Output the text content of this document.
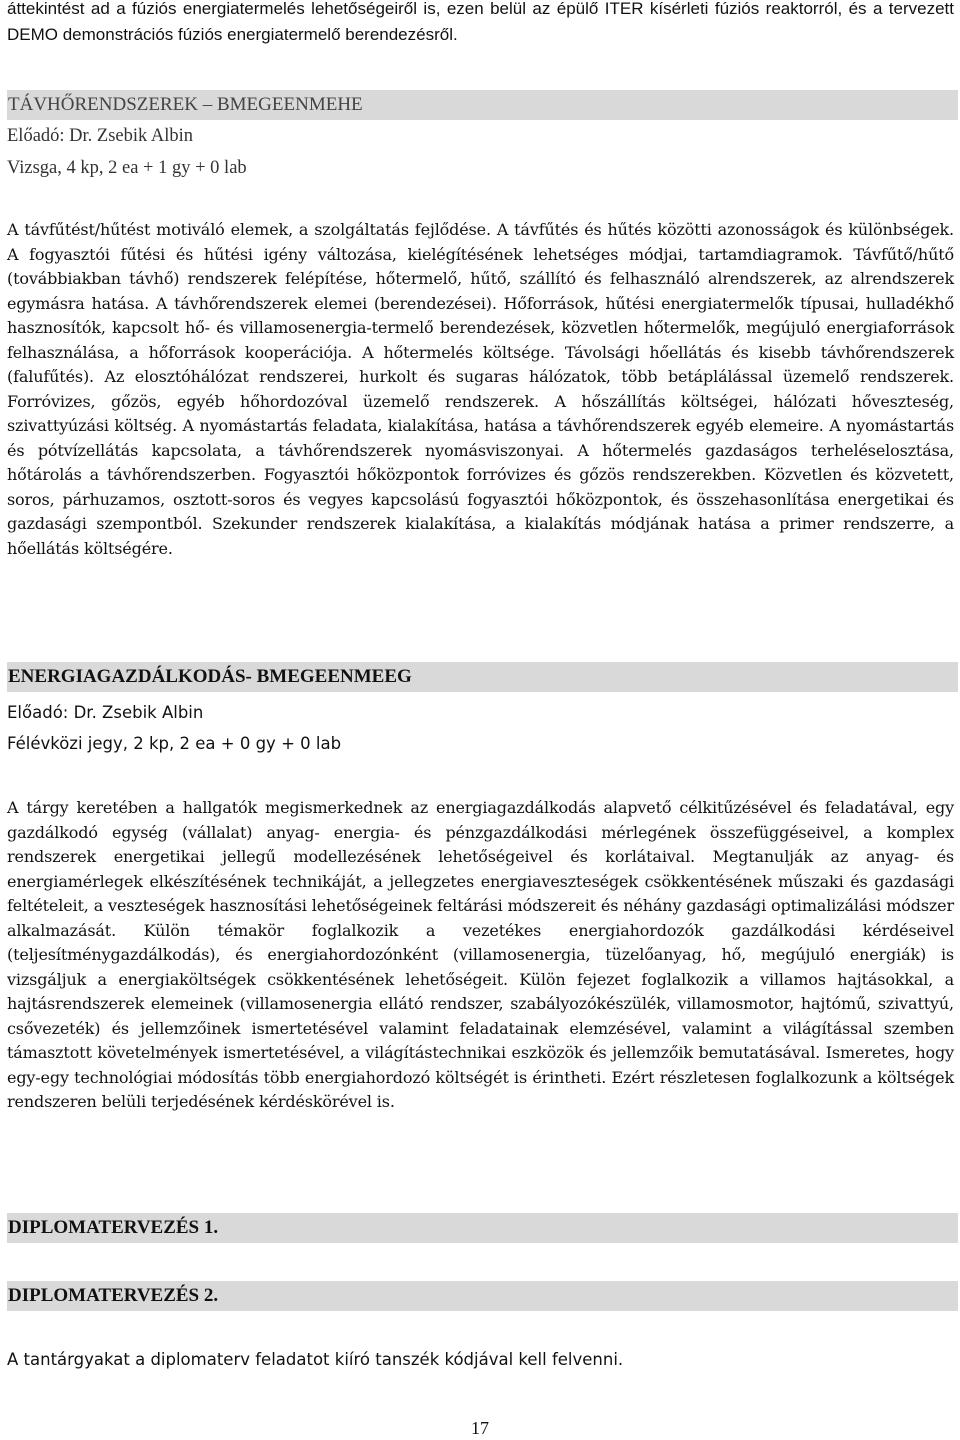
áttekintést ad a fúziós energiatermelés lehetőségeiről is, ezen belül az épülő ITER kísérleti fúziós reaktorról, és a tervezett DEMO demonstrációs fúziós energiatermelő berendezésről.

TÁVHŐRENDSZEREK – BMEGEENMEHE
Előadó: Dr. Zsebik Albin
Vizsga, 4 kp, 2 ea + 1 gy + 0 lab

A távfűtést/hűtést motiváló elemek, a szolgáltatás fejlődése. A távfűtés és hűtés közötti azonosságok és különbségek. A fogyasztói fűtési és hűtési igény változása, kielégítésének lehetséges módjai, tartamdiagramok. Távfűtő/hűtő (továbbiakban távhő) rendszerek felépítése, hőtermelő, hűtő, szállító és felhasználó alrendszerek, az alrendszerek egymásra hatása. A távhőrendszerek elemei (berendezései). Hőforrások, hűtési energiatermelők típusai, hulladékhő hasznosítók, kapcsolt hő- és villamosenergia-termelő berendezések, közvetlen hőtermelők, megújuló energiaforrások felhasználása, a hőforrások kooperációja. A hőtermelés költsége. Távolsági hőellátás és kisebb távhőrendszerek (falufűtés). Az elosztóhálózat rendszerei, hurkolt és sugaras hálózatok, több betáplálással üzemelő rendszerek. Forróvizes, gőzös, egyéb hőhordozóval üzemelő rendszerek. A hőszállítás költségei, hálózati hőveszteség, szivattyúzási költség. A nyomástartás feladata, kialakítása, hatása a távhőrendszerek egyéb elemeire. A nyomástartás és pótvízellátás kapcsolata, a távhőrendszerek nyomásviszonyai. A hőtermelés gazdaságos terheléselosztása, hőtárolás a távhőrendszerben. Fogyasztói hőközpontok forróvizes és gőzös rendszerekben. Közvetlen és közvetett, soros, párhuzamos, osztott-soros és vegyes kapcsolású fogyasztói hőközpontok, és összehasonlítása energetikai és gazdasági szempontból. Szekunder rendszerek kialakítása, a kialakítás módjának hatása a primer rendszerre, a hőellátás költségére.

ENERGIAGAZDÁLKODÁS- BMEGEENMEEG
Előadó: Dr. Zsebik Albin
Félévközi jegy, 2 kp, 2 ea + 0 gy + 0 lab

A tárgy keretében a hallgatók megismerkednek az energiagazdálkodás alapvető célkitűzésével és feladatával, egy gazdálkodó egység (vállalat) anyag- energia- és pénzgazdálkodási mérlegének összefüggéseivel, a komplex rendszerek energetikai jellegű modellezésének lehetőségeivel és korlátaival. Megtanulják az anyag- és energiamérlegek elkészítésének technikáját, a jellegzetes energiaveszteségek csökkentésének műszaki és gazdasági feltételeit, a veszteségek hasznosítási lehetőségeinek feltárási módszereit és néhány gazdasági optimalizálási módszer alkalmazását. Külön témakör foglalkozik a vezetékes energiahordozók gazdálkodási kérdéseivel (teljesítménygazdálkodás), és energiahordozónként (villamosenergia, tüzelőanyag, hő, megújuló energiák) is vizsgáljuk a energiaköltségek csökkentésének lehetőségeit. Külön fejezet foglalkozik a villamos hajtásokkal, a hajtásrendszerek elemeinek (villamosenergia ellátó rendszer, szabályozókészülék, villamosmotor, hajtómű, szivattyú, csővezeték) és jellemzőinek ismertetésével valamint feladatainak elemzésével, valamint a világítással szemben támasztott követelmények ismertetésével, a világítástechnikai eszközök és jellemzőik bemutatásával. Ismeretes, hogy egy-egy technológiai módosítás több energiahordozó költségét is érintheti. Ezért részletesen foglalkozunk a költségek rendszeren belüli terjedésének kérdéskörével is.

DIPLOMATERVEZÉS 1.
DIPLOMATERVEZÉS 2.
A tantárgyakat a diplomaterv feladatot kiíró tanszék kódjával kell felvenni.
17
